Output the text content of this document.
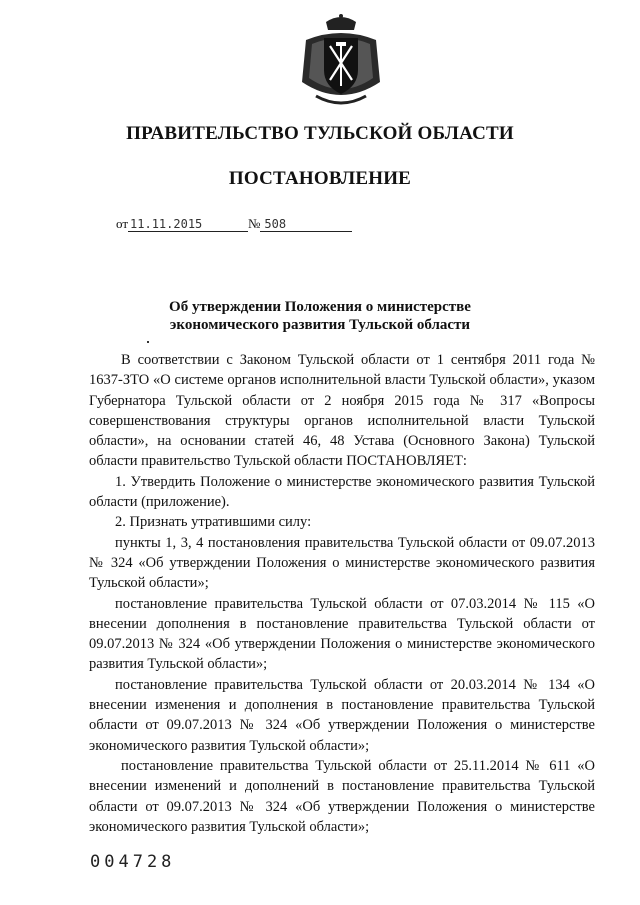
ПРАВИТЕЛЬСТВО ТУЛЬСКОЙ ОБЛАСТИ
ПОСТАНОВЛЕНИЕ
от 11.11.2015	№ 508
Об утверждении Положения о министерстве
экономического развития Тульской области

В соответствии с Законом Тульской области от 1 сентября 2011 года № 1637-ЗТО «О системе органов исполнительной власти Тульской области», указом Губернатора Тульской области от 2 ноября 2015 года № 317 «Вопросы совершенствования структуры органов исполнительной власти Тульской области», на основании статей 46, 48 Устава (Основного Закона) Тульской области правительство Тульской области ПОСТАНОВЛЯЕТ:

1. Утвердить Положение о министерстве экономического развития Тульской области (приложение).

2. Признать утратившими силу:

пункты 1, 3, 4 постановления правительства Тульской области от 09.07.2013 № 324 «Об утверждении Положения о министерстве экономического развития Тульской области»;

постановление правительства Тульской области от 07.03.2014 № 115 «О внесении дополнения в постановление правительства Тульской области от 09.07.2013 № 324 «Об утверждении Положения о министерстве экономического развития Тульской области»;

постановление правительства Тульской области от 20.03.2014 № 134 «О внесении изменения и дополнения в постановление правительства Тульской области от 09.07.2013 № 324 «Об утверждении Положения о министерстве экономического развития Тульской области»;

постановление правительства Тульской области от 25.11.2014 № 611 «О внесении изменений и дополнений в постановление правительства Тульской области от 09.07.2013 № 324 «Об утверждении Положения о министерстве экономического развития Тульской области»;

004728
